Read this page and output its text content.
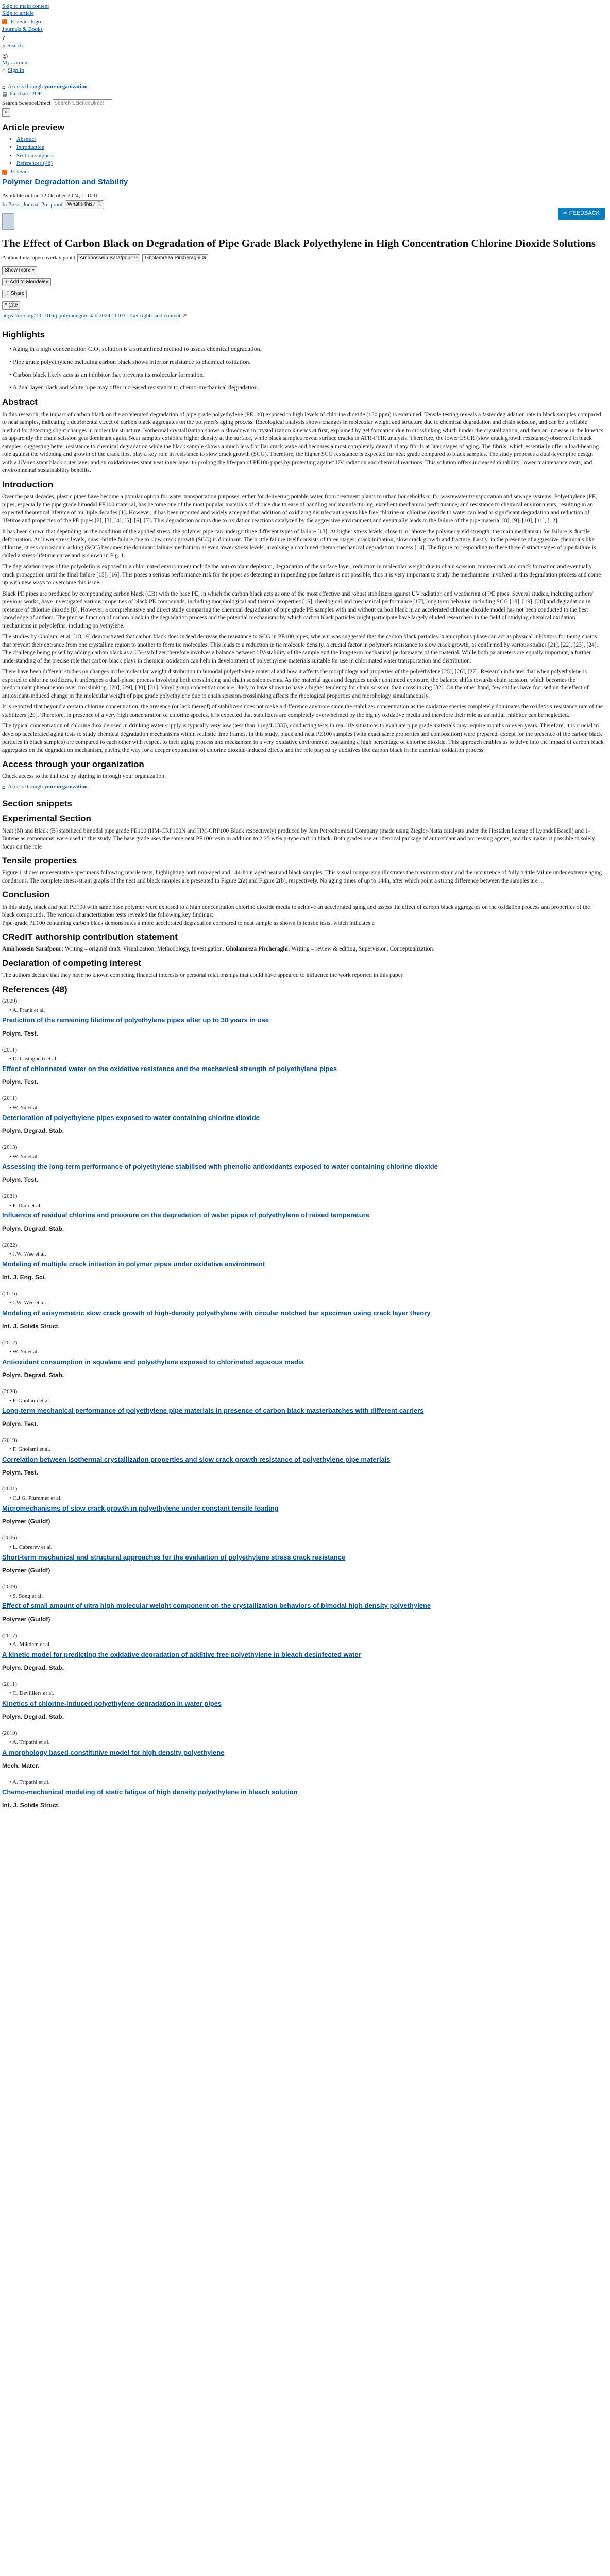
Skip to main content
Skip to article
Elsevier logo
Journals & Books
?
⌕ Search
☺
My account
⌂ Sign in
⌂ Access through your organization
▤ Purchase PDF
Search ScienceDirect
Search ScienceDirect
⌕
Article preview
• Abstract
• Introduction
• Section snippets
• References (48)
Elsevier
Polymer Degradation and Stability
Available online 12 October 2024, 111031
In Press, Journal Pre-proof What's this? ⓘ
✉ FEEDBACK
The Effect of Carbon Black on Degradation of Pipe Grade Black Polyethylene in High Concentration Chlorine Dioxide Solutions
Author links open overlay panel Amirhossein Sarafpour ⚇	Gholamreza Pircheraghi ✉
Show more ▾
+ Add to Mendeley
⤴ Share
❝ Cite
https://doi.org/10.1016/j.polymdegradstab.2024.111031 Get rights and content ↗
Highlights
• Aging in a high concentration ClO₂ solution is a streamlined method to assess chemical degradation.
• Pipe grade polyethylene including carbon black shows inferior resistance to chemical oxidation.
• Carbon black likely acts as an inhibitor that prevents its molecular formation.
• A dual layer black and white pipe may offer increased resistance to chemo-mechanical degradation.
Abstract

In this research, the impact of carbon black on the accelerated degradation of pipe grade polyethylene (PE100) exposed to high levels of chlorine dioxide (150 ppm) is examined. Tensile testing reveals a faster degradation rate in black samples compared to neat samples, indicating a detrimental effect of carbon black aggregates on the polymer's aging process. Rheological analysis shows changes in molecular weight and structure due to chemical degradation and chain scission, and can be a reliable method for detecting slight changes in molecular structure. Isothermal crystallization shows a slowdown in crystallization kinetics at first, explained by gel formation due to crosslinking which hinder the crystallization, and then an increase in the kinetics as apparently the chain scission gets dominant again. Neat samples exhibit a higher density at the surface, while black samples reveal surface cracks in ATR-FTIR analysis. Therefore, the lower ESCR (slow crack growth resistance) observed in black samples, suggesting better resistance to chemical degradation while the black sample shows a much less fibrillar crack wake and becomes almost completely devoid of any fibrils at later stages of aging. The fibrils, which essentially offer a load-bearing role against the widening and growth of the crack tips, play a key role in resistance to slow crack growth (SCG). Therefore, the higher SCG resistance is expected for neat grade compared to black samples. The study proposes a dual-layer pipe design with a UV-resistant black outer layer and an oxidation-resistant neat inner layer to prolong the lifespan of PE100 pipes by protecting against UV radiation and chemical reactions. This solution offers increased durability, lower maintenance costs, and environmental sustainability benefits.

Introduction

Over the past decades, plastic pipes have become a popular option for water transportation purposes, either for delivering potable water from treatment plants to urban households or for wastewater transportation and sewage systems. Polyethylene (PE) pipes, especially the pipe grade bimodal PE100 material, has become one of the most popular materials of choice due to ease of handling and manufacturing, excellent mechanical performance, and resistance to chemical environments, resulting in an expected theoretical lifetime of multiple decades [1]. However, it has been reported and widely accepted that addition of oxidizing disinfectant agents like free chlorine or chlorine dioxide to water can lead to significant degradation and reduction of lifetime and properties of the PE pipes [2], [3], [4], [5], [6], [7]. This degradation occurs due to oxidation reactions catalyzed by the aggressive environment and eventually leads to the failure of the pipe material [8], [9], [10], [11], [12].

It has been shown that depending on the condition of the applied stress, the polymer pipe can undergo three different types of failure [13]. At higher stress levels, close to or above the polymer yield strength, the main mechanism for failure is ductile deformation. At lower stress levels, quasi-brittle failure due to slow crack growth (SCG) is dominant. The brittle failure itself consists of three stages: crack initiation, slow crack growth and fracture. Lastly, in the presence of aggressive chemicals like chlorine, stress corrosion cracking (SCC) becomes the dominant failure mechanism at even lower stress levels, involving a combined chemo-mechanical degradation process [14]. The figure corresponding to these three distinct stages of pipe failure is called a stress-lifetime curve and is shown in Fig. 1.

The degradation steps of the polyolefin is exposed to a chlorinated environment include the anti-oxidant depletion, degradation of the surface layer, reduction in molecular weight due to chain scission, micro-crack and crack formation and eventually crack propagation until the final failure [15], [16]. This poses a serious performance risk for the pipes as detecting an impending pipe failure is not possible, thus it is very important to study the mechanisms involved in this degradation process and come up with new ways to overcome this issue.

Black PE pipes are produced by compounding carbon black (CB) with the base PE, in which the carbon black acts as one of the most effective and robust stabilizers against UV radiation and weathering of PE pipes. Several studies, including authors' previous works, have investigated various properties of black PE compounds, including morphological and thermal properties [16], rheological and mechanical performance [17], long term behavior including SCG [18], [19], [20] and degradation in presence of chlorine dioxide [8]. However, a comprehensive and direct study comparing the chemical degradation of pipe grade PE samples with and without carbon black in an accelerated chlorine dioxide model has not been conducted to the best knowledge of authors. The precise function of carbon black in the degradation process and the potential mechanisms by which carbon black particles might participate have largely eluded researchers in the field of studying chemical oxidation mechanisms in polyolefins, including polyethylene.

The studies by Gholami et al. [18,19] demonstrated that carbon black does indeed decrease the resistance to SCG in PE100 pipes, where it was suggested that the carbon black particles in amorphous phase can act as physical inhibitors for tieing chains that prevent their entrance from one crystalline region to another to form tie molecules. This leads to a reduction in tie molecule density, a crucial factor in polymer's resistance to slow crack growth, as confirmed by various studies [21], [22], [23], [24]. The challenge being posed by adding carbon black as a UV-stabilizer therefore involves a balance between UV-stability of the sample and the long-term mechanical performance of the material. While both parameters are equally important, a further understanding of the precise role that carbon black plays in chemical oxidation can help in development of polyethylene materials suitable for use in chlorinated water transportation and distribution.

There have been different studies on changes in the molecular weight distribution in bimodal polyethylene material and how it affects the morphology and properties of the polyethylene [25], [26], [27]. Research indicates that when polyethylene is exposed to chlorine oxidizers, it undergoes a dual-phase process involving both crosslinking and chain scission events. As the material ages and degrades under continued exposure, the balance shifts towards chain scission, which becomes the predominant phenomenon over crosslinking. [28], [29], [30], [31]. Vinyl group concentrations are likely to have shown to have a higher tendency for chain scission than crosslinking [32]. On the other hand, few studies have focused on the effect of antioxidant-induced change in the molecular weight of pipe grade polyethylene due to chain scission/crosslinking affects the rheological properties and morphology simultaneously.

It is reported that beyond a certain chlorine concentration, the presence (or lack thereof) of stabilizers does not make a difference anymore since the stabilizer concentration as the oxidative species completely dominates the oxidation resistance rate of the stabilizers [29]. Therefore, in presence of a very high concentration of chlorine species, it is expected that stabilizers are completely overwhelmed by the highly oxidative media and therefore their role as an initial inhibitor can be neglected.

The typical concentration of chlorine dioxide used in drinking water supply is typically very low (less than 1 mg/L [33]), conducting tests in real life situations to evaluate pipe grade materials may require months or even years. Therefore, it is crucial to develop accelerated aging tests to study chemical degradation mechanisms within realistic time frames. In this study, black and neat PE100 samples (with exact same properties and composition) were prepared, except for the presence of the carbon black particles in black samples) are compared to each other with respect to their aging process and mechanism in a very oxidative environment containing a high percentage of chlorine dioxide. This approach enables us to delve into the impact of carbon black aggregates on the degradation mechanism, paving the way for a deeper exploration of chlorine dioxide-induced effects and the role played by additives like carbon black in the chemical oxidation process.

Access through your organization

Check access to the full text by signing in through your organization.

⌂ Access through your organization
Section snippets
Experimental Section

Neat (N) and Black (B) stabilized bimodal pipe grade PE100 (HM-CRP100N and HM-CRP100 Black respectively) produced by Jam Petrochemical Company (made using Ziegler-Natta catalysts under the Hostalen license of LyondellBasell) and 1-Butene as comonomer were used in this study. The base grade uses the same neat PE100 resin in addition to 2.25 wt% p-type carbon black. Both grades use an identical package of antioxidant and processing agents, and this makes it possible to solely focus on the role

Tensile properties

Figure 1 shows representative specimens following tensile tests, highlighting both non-aged and 144-hour aged neat and black samples. This visual comparison illustrates the maximum strain and the occurrence of fully brittle failure under extreme aging conditions. The complete stress-strain graphs of the neat and black samples are presented in Figure 2(a) and Figure 2(b), respectively. No aging times of up to 144h, after which point a strong difference between the samples are ...

Conclusion

In this study, black and neat PE100 with same base polymer were exposed to a high concentration chlorine dioxide media to achieve an accelerated aging and assess the effect of carbon black aggregates on the oxidation process and properties of the black compounds. The various characterization tests revealed the following key findings:
Pipe-grade PE100 containing carbon black demonstrates a more accelerated degradation compared to neat sample as shown in tensile tests, which indicates a

CRediT authorship contribution statement

Amirhossein Sarafpour: Writing – original draft, Visualization, Methodology, Investigation. Gholamreza Pircheraghi: Writing – review & editing, Supervision, Conceptualization.

Declaration of competing interest

The authors declare that they have no known competing financial interests or personal relationships that could have appeared to influence the work reported in this paper.

References (48)
(2009)
• A. Frank et al.
Prediction of the remaining lifetime of polyethylene pipes after up to 30 years in use
Polym. Test.
(2011)
• D. Castagnetti et al.
Effect of chlorinated water on the oxidative resistance and the mechanical strength of polyethylene pipes
Polym. Test.
(2011)
• W. Yu et al.
Deterioration of polyethylene pipes exposed to water containing chlorine dioxide
Polym. Degrad. Stab.
(2013)
• W. Yu et al.
Assessing the long-term performance of polyethylene stabilised with phenolic antioxidants exposed to water containing chlorine dioxide
Polym. Test.
(2021)
• F. Dadi et al.
Influence of residual chlorine and pressure on the degradation of water pipes of polyethylene of raised temperature
Polym. Degrad. Stab.
(2022)
• J.W. Wee et al.
Modeling of multiple crack initiation in polymer pipes under oxidative environment
Int. J. Eng. Sci.
(2016)
• J.W. Wee et al.
Modeling of axisymmetric slow crack growth of high-density polyethylene with circular notched bar specimen using crack layer theory
Int. J. Solids Struct.
(2012)
• W. Yu et al.
Antioxidant consumption in squalane and polyethylene exposed to chlorinated aqueous media
Polym. Degrad. Stab.
(2020)
• F. Gholami et al.
Long-term mechanical performance of polyethylene pipe materials in presence of carbon black masterbatches with different carriers
Polym. Test.
(2019)
• F. Gholami et al.
Correlation between isothermal crystallization properties and slow crack growth resistance of polyethylene pipe materials
Polym. Test.
(2001)
• C.J.G. Plummer et al.
Micromechanisms of slow crack growth in polyethylene under constant tensile loading
Polymer (Guildf)
(2006)
• L. Cabrerev et al.
Short-term mechanical and structural approaches for the evaluation of polyethylene stress crack resistance
Polymer (Guildf)
(2009)
• S. Song et al.
Effect of small amount of ultra high molecular weight component on the crystallization behaviors of bimodal high density polyethylene
Polymer (Guildf)
(2017)
• A. Mikdam et al.
A kinetic model for predicting the oxidative degradation of additive free polyethylene in bleach desinfected water
Polym. Degrad. Stab.
(2011)
• C. Devilliers et al.
Kinetics of chlorine-induced polyethylene degradation in water pipes
Polym. Degrad. Stab.
(2019)
• A. Tripathi et al.
A morphology based constitutive model for high density polyethylene
Mech. Mater.
• A. Tripathi et al.
Chemo-mechanical modeling of static fatigue of high density polyethylene in bleach solution
Int. J. Solids Struct.
